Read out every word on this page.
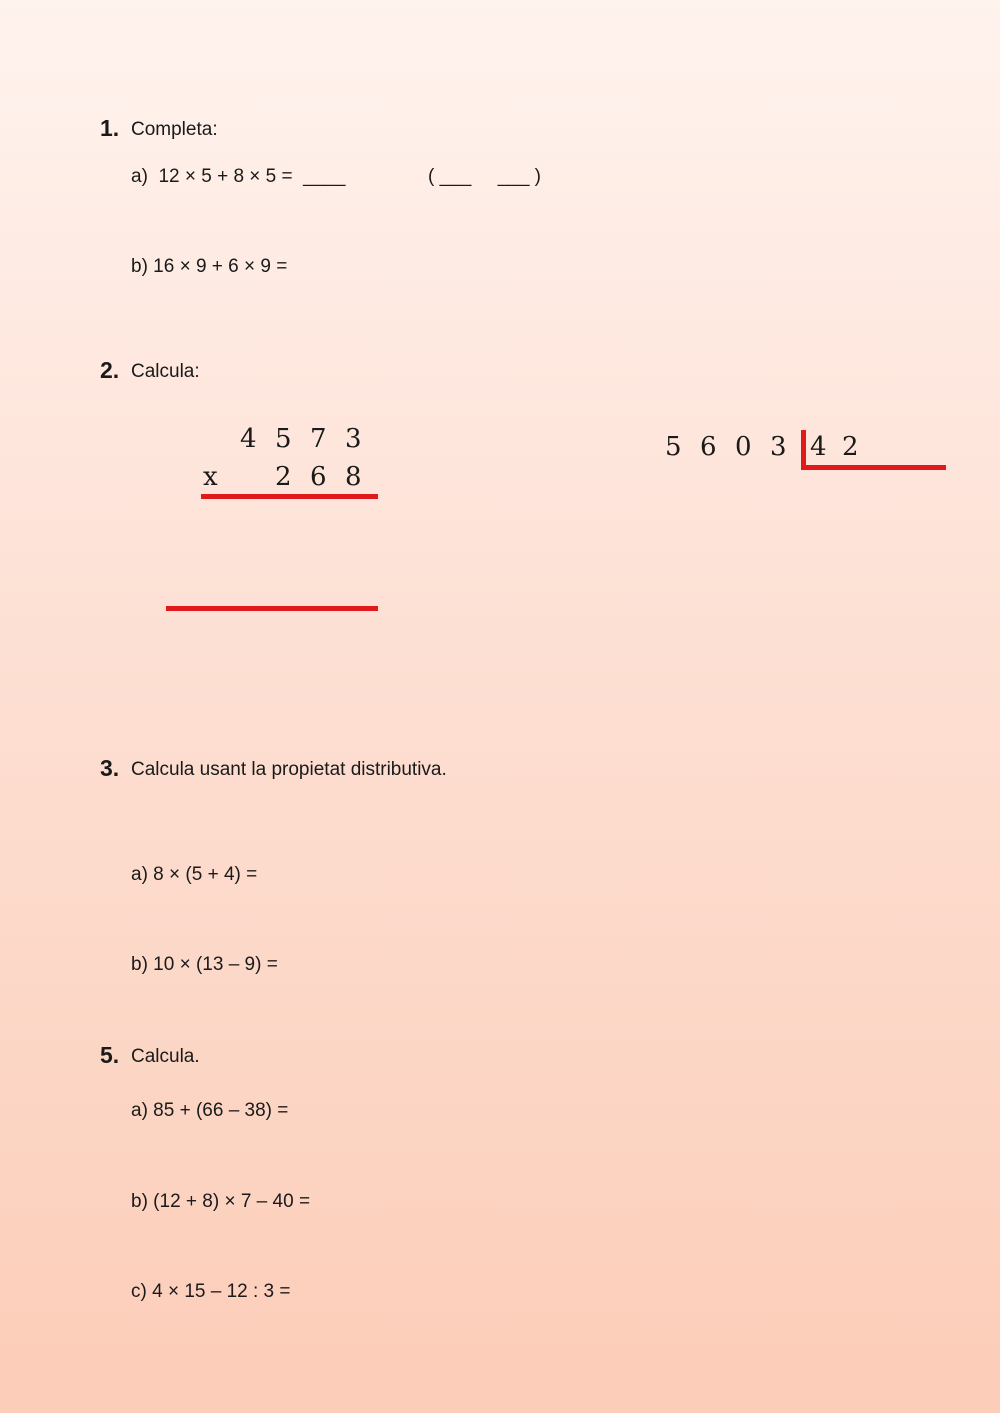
1. Completa:
a)  12 × 5 + 8 × 5 =  ____	( ___     ___ )
b) 16 × 9 + 6 × 9 =
2. Calcula:
4 5 7 3
x 2 6 8
5 6 0 3 4 2
3. Calcula usant la propietat distributiva.
a) 8 × (5 + 4) =
b) 10 × (13 – 9) =
5. Calcula.
a) 85 + (66 – 38) =
b) (12 + 8) × 7 – 40 =
c) 4 × 15 – 12 : 3 =
